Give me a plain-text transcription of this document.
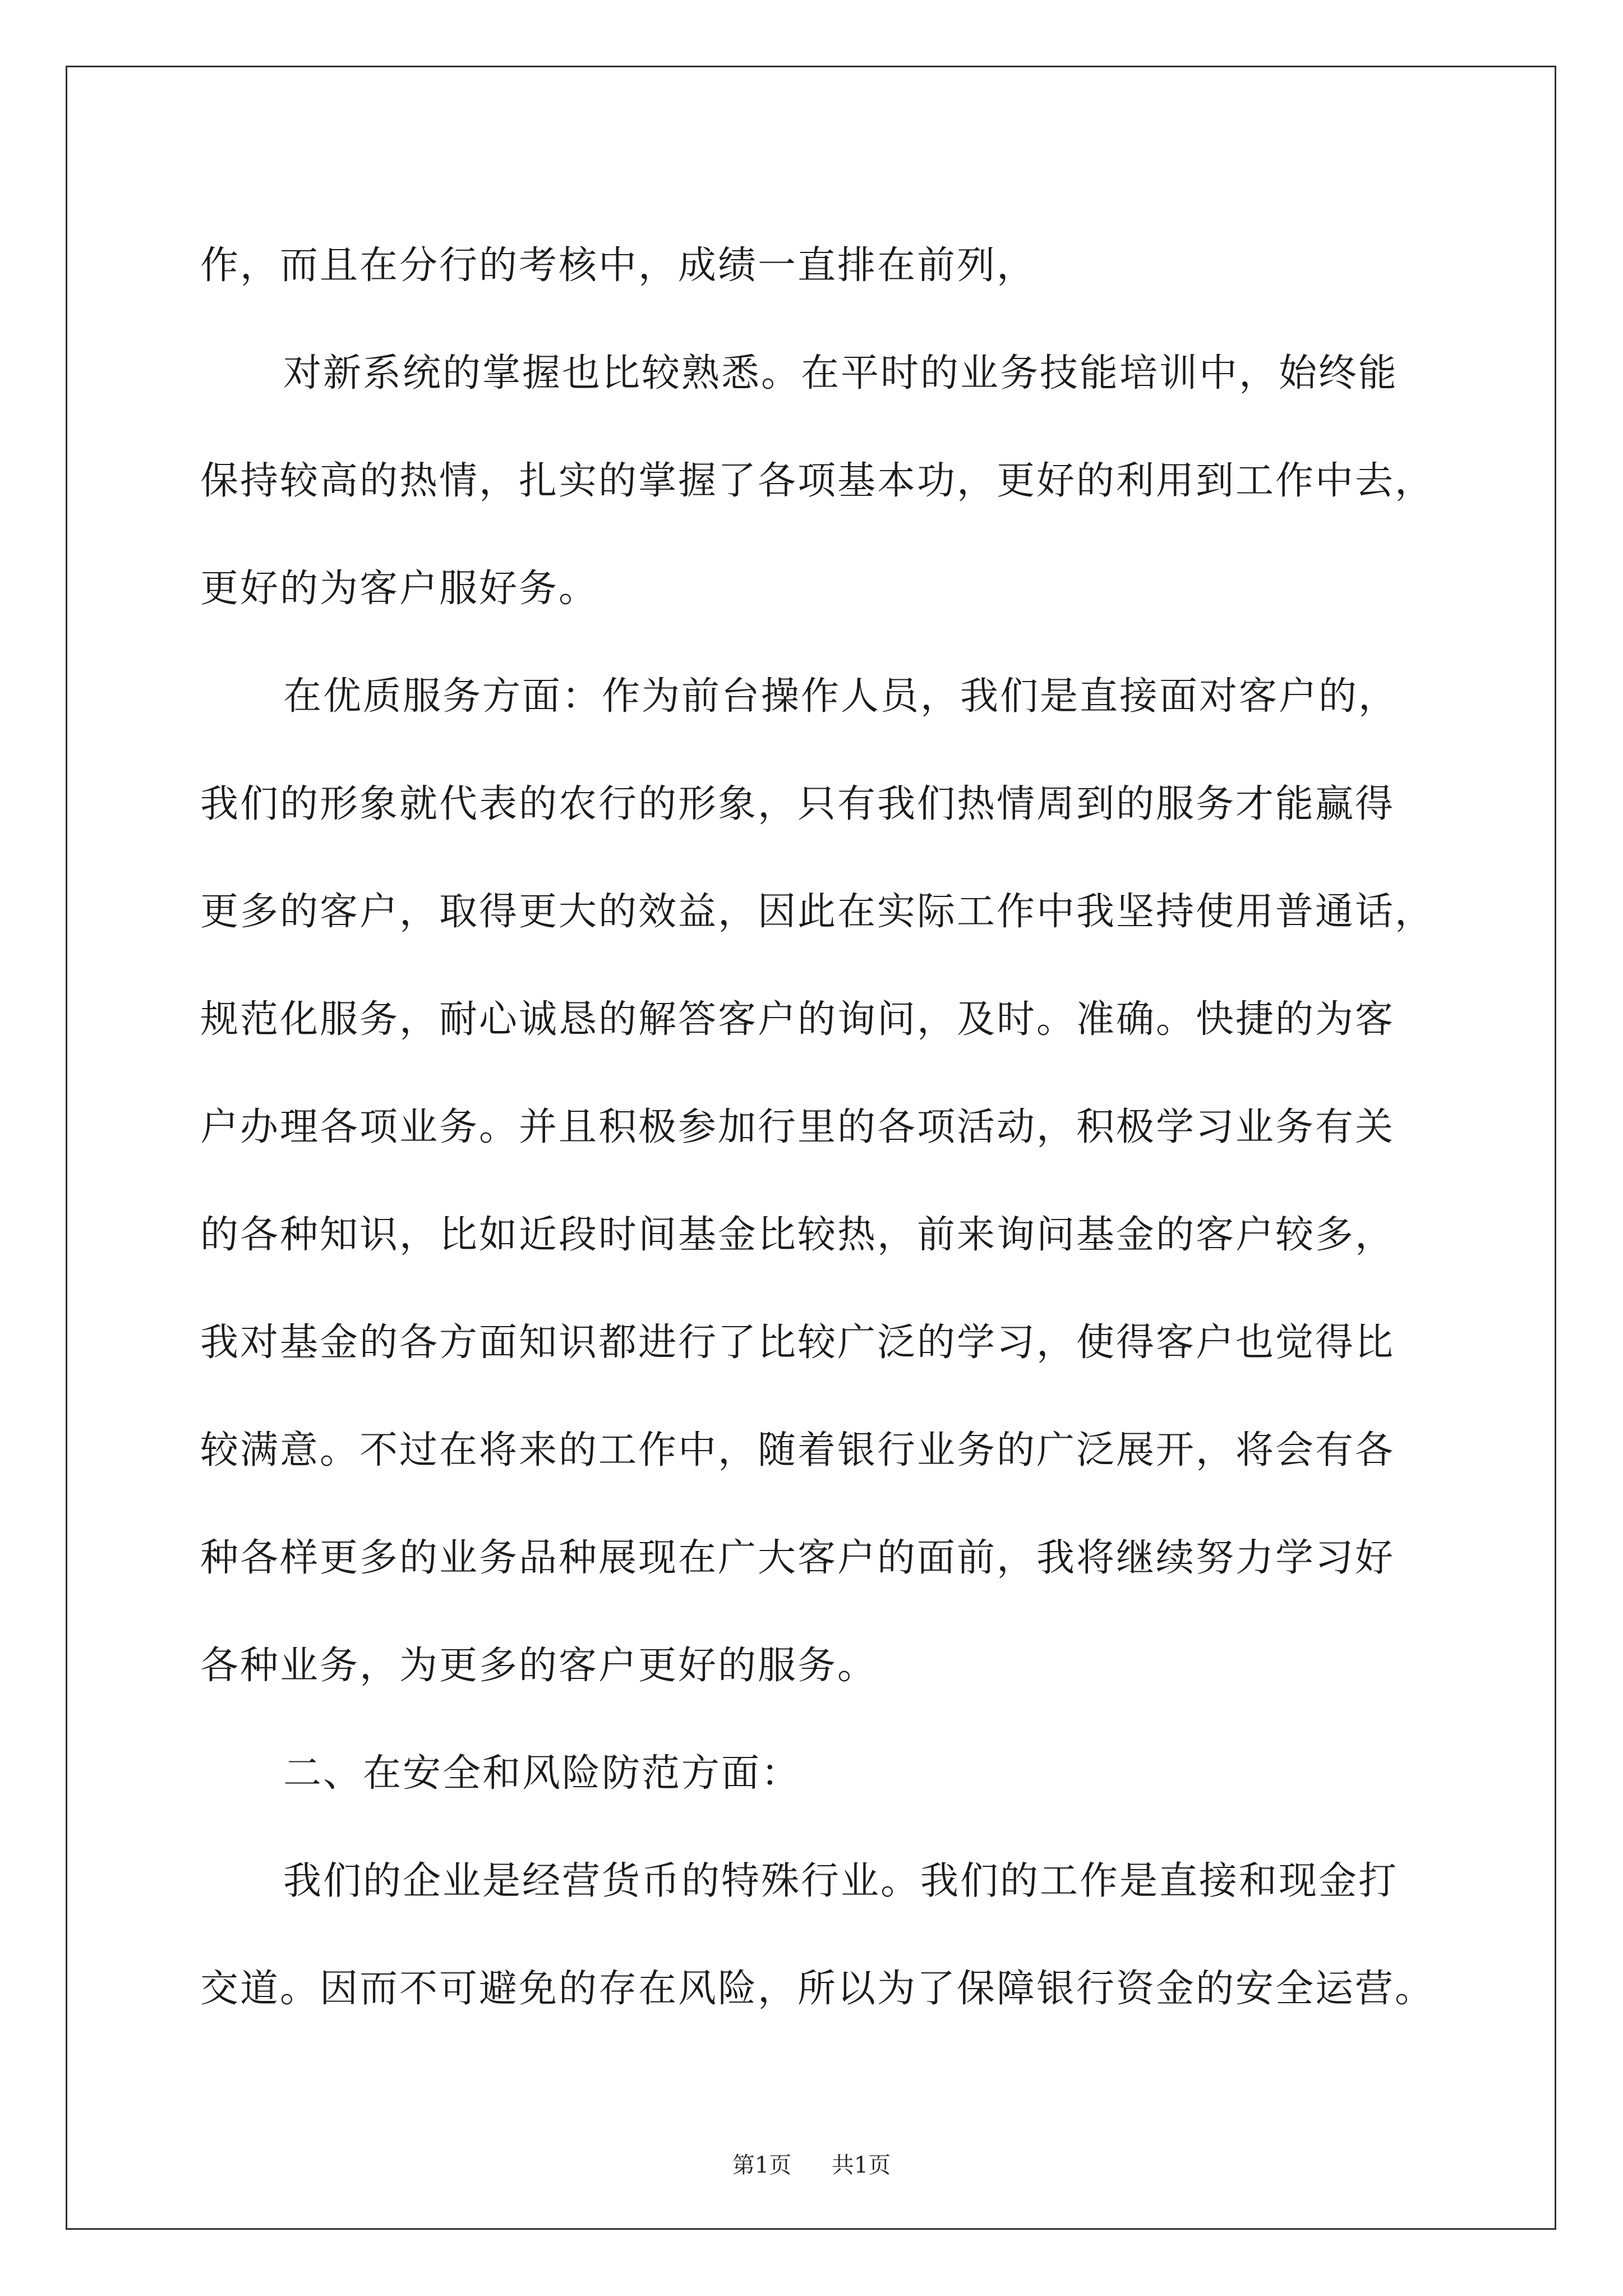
作，而且在分行的考核中，成绩一直排在前列，
对新系统的掌握也比较熟悉。在平时的业务技能培训中，始终能
保持较高的热情，扎实的掌握了各项基本功，更好的利用到工作中去，
更好的为客户服好务。
在优质服务方面：作为前台操作人员，我们是直接面对客户的，
我们的形象就代表的农行的形象，只有我们热情周到的服务才能赢得
更多的客户，取得更大的效益，因此在实际工作中我坚持使用普通话，
规范化服务，耐心诚恳的解答客户的询问，及时。准确。快捷的为客
户办理各项业务。并且积极参加行里的各项活动，积极学习业务有关
的各种知识，比如近段时间基金比较热，前来询问基金的客户较多，
我对基金的各方面知识都进行了比较广泛的学习，使得客户也觉得比
较满意。不过在将来的工作中，随着银行业务的广泛展开，将会有各
种各样更多的业务品种展现在广大客户的面前，我将继续努力学习好
各种业务，为更多的客户更好的服务。
二、在安全和风险防范方面：
我们的企业是经营货币的特殊行业。我们的工作是直接和现金打
交道。因而不可避免的存在风险，所以为了保障银行资金的安全运营。
第1页 共1页
